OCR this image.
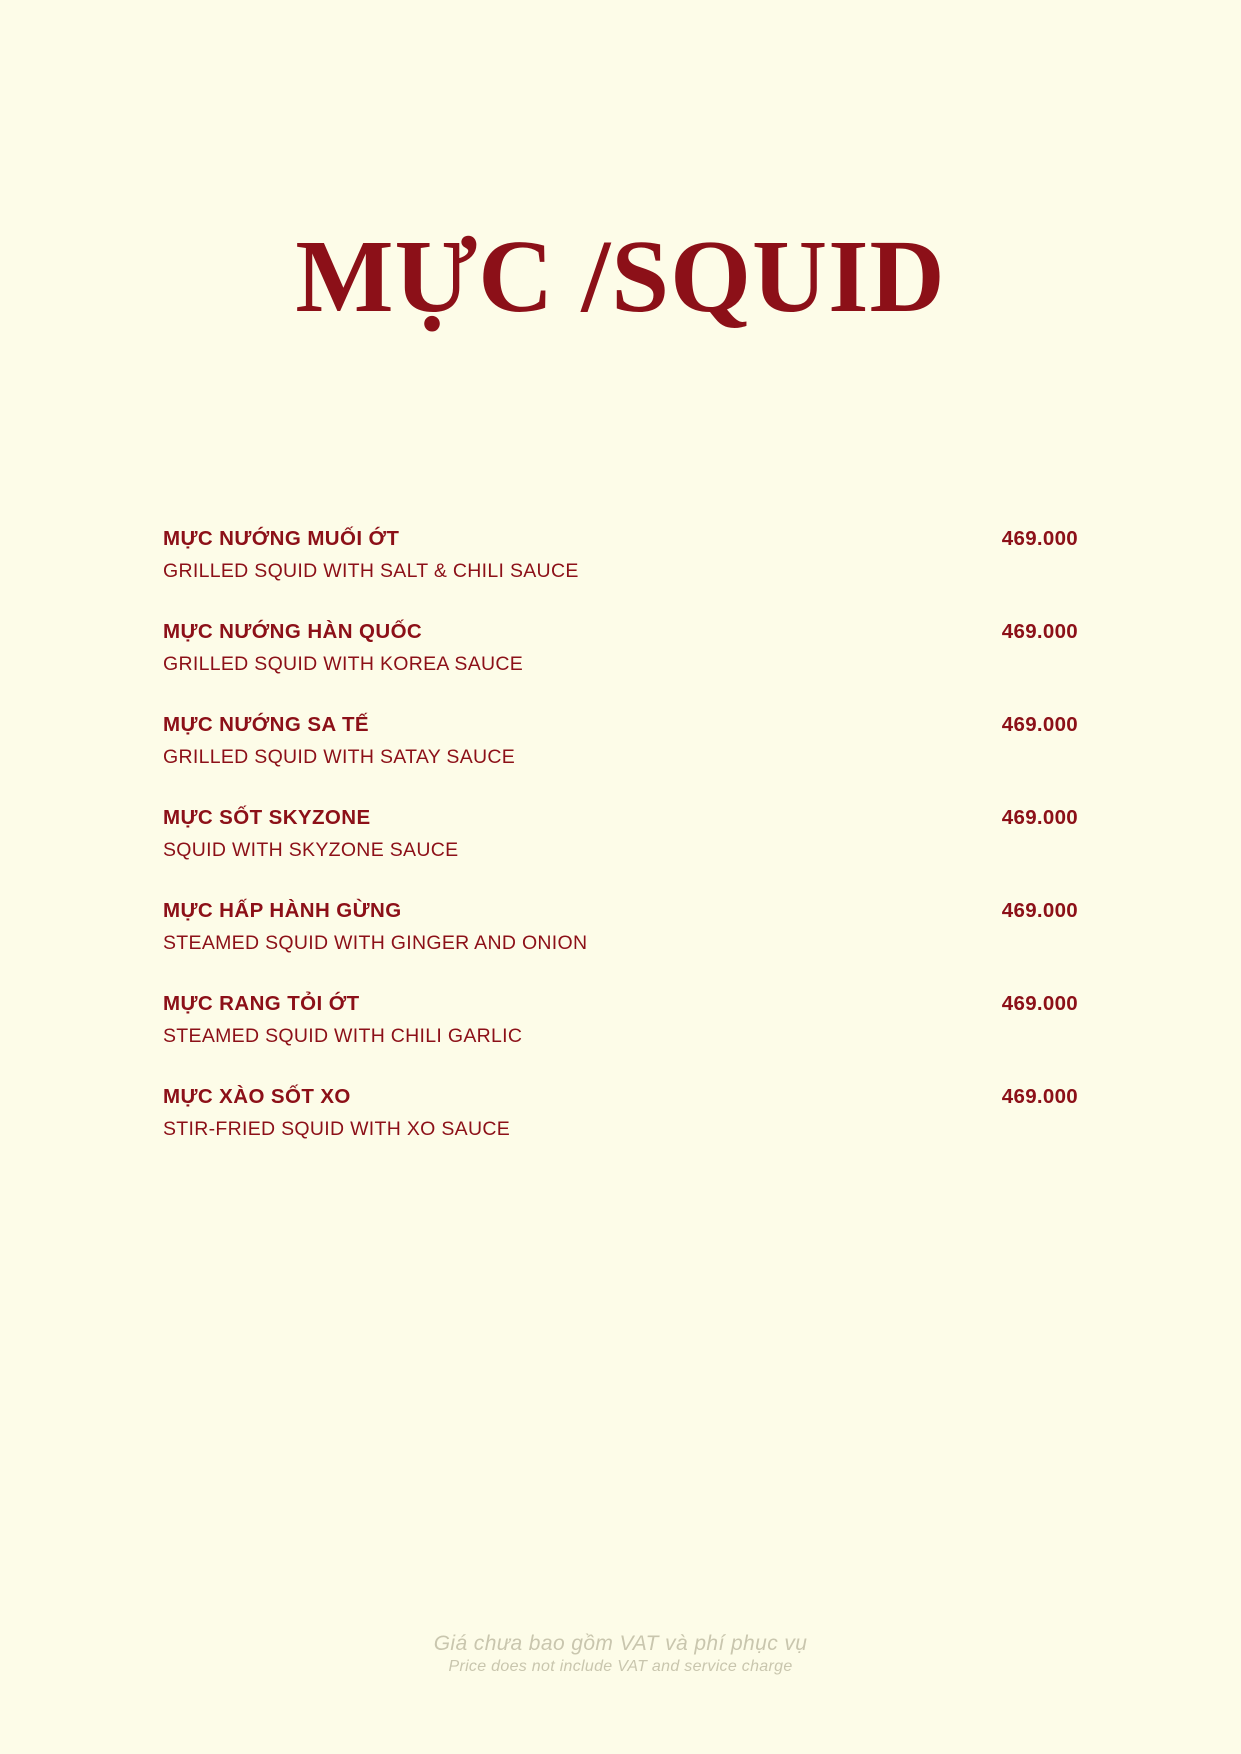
MỰC /SQUID
MỰC NƯỚNG MUỐI ỚT	469.000
GRILLED SQUID WITH SALT & CHILI SAUCE
MỰC NƯỚNG HÀN QUỐC	469.000
GRILLED SQUID WITH KOREA SAUCE
MỰC NƯỚNG SA TẾ	469.000
GRILLED SQUID WITH SATAY SAUCE
MỰC SỐT SKYZONE	469.000
SQUID WITH SKYZONE SAUCE
MỰC HẤP HÀNH GỪNG	469.000
STEAMED SQUID WITH GINGER AND ONION
MỰC RANG TỎI ỚT	469.000
STEAMED SQUID WITH CHILI GARLIC
MỰC XÀO SỐT XO	469.000
STIR-FRIED SQUID WITH XO SAUCE
Giá chưa bao gồm VAT và phí phục vụ
Price does not include VAT and service charge
